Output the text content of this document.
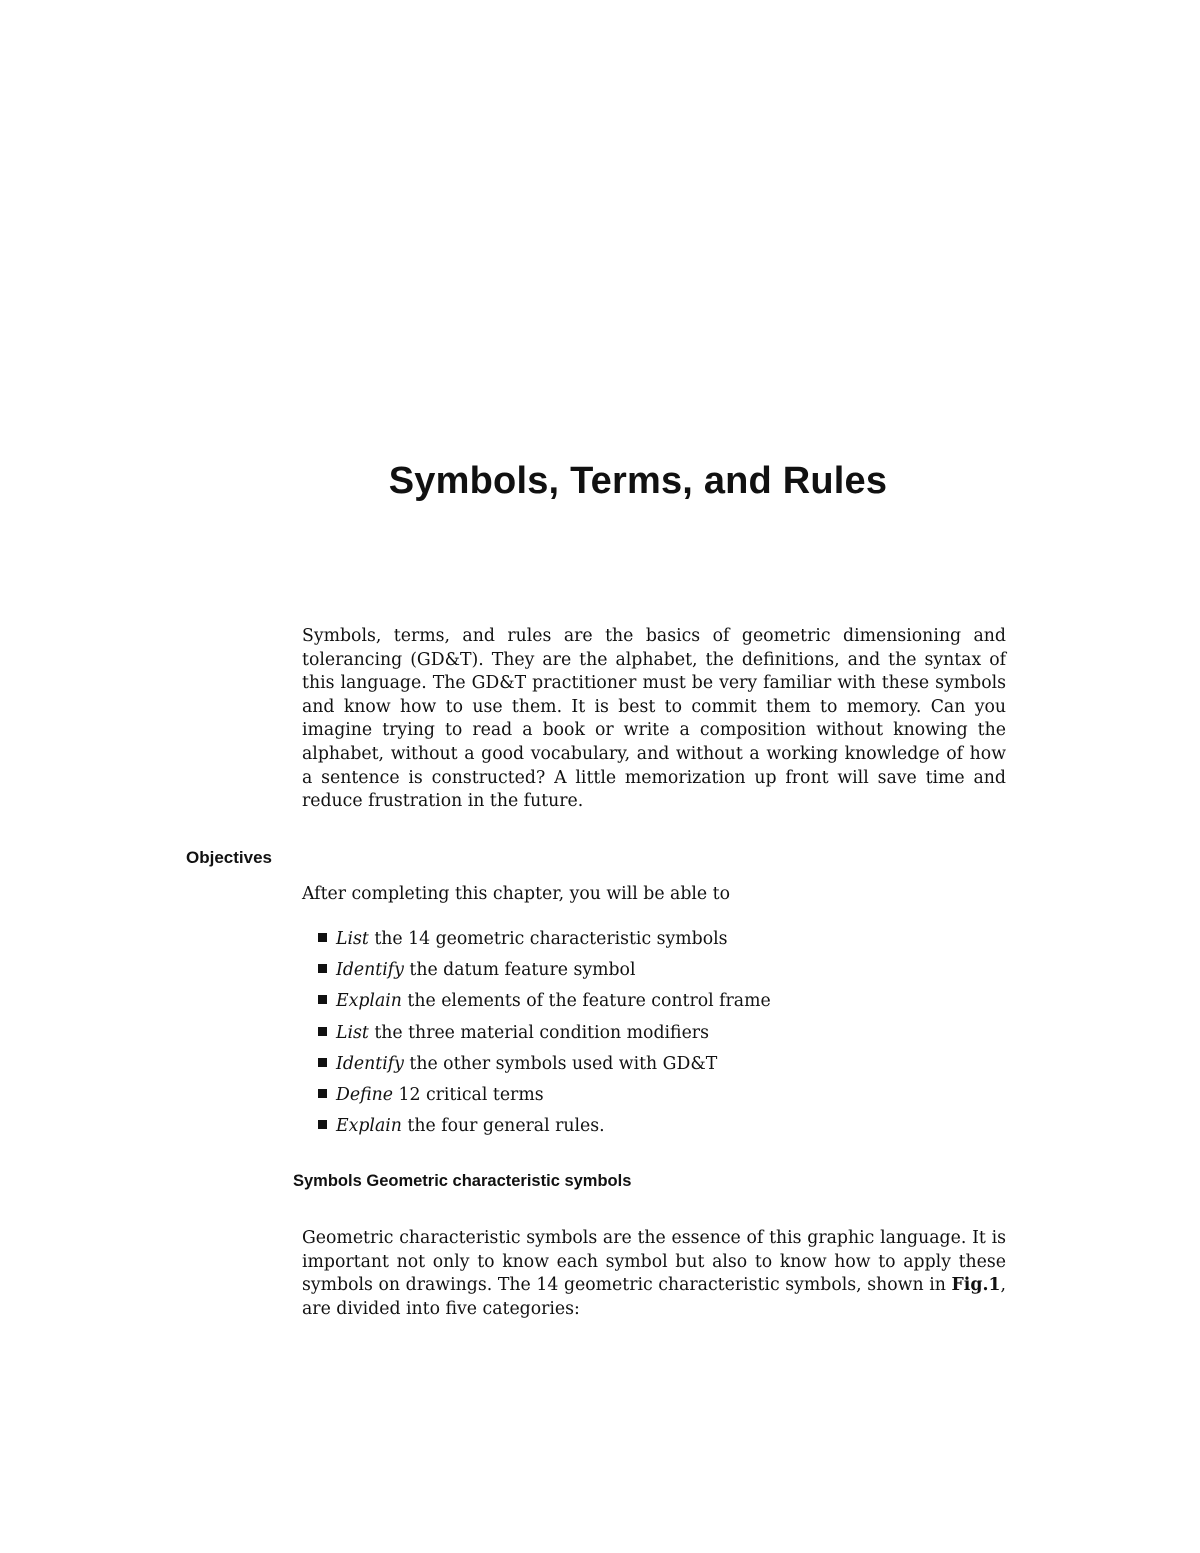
Symbols, Terms, and Rules

Symbols, terms, and rules are the basics of geometric dimensioning and tolerancing (GD&T). They are the alphabet, the definitions, and the syntax of this language. The GD&T practitioner must be very familiar with these symbols and know how to use them. It is best to commit them to memory. Can you imagine trying to read a book or write a composition without knowing the alphabet, without a good vocabulary, and without a working knowledge of how a sentence is constructed? A little memorization up front will save time and reduce frustration in the future.

Objectives

After completing this chapter, you will be able to

List the 14 geometric characteristic symbols
Identify the datum feature symbol
Explain the elements of the feature control frame
List the three material condition modifiers
Identify the other symbols used with GD&T
Define 12 critical terms
Explain the four general rules.
Symbols Geometric characteristic symbols

Geometric characteristic symbols are the essence of this graphic language. It is important not only to know each symbol but also to know how to apply these symbols on drawings. The 14 geometric characteristic symbols, shown in Fig.1, are divided into five categories:
